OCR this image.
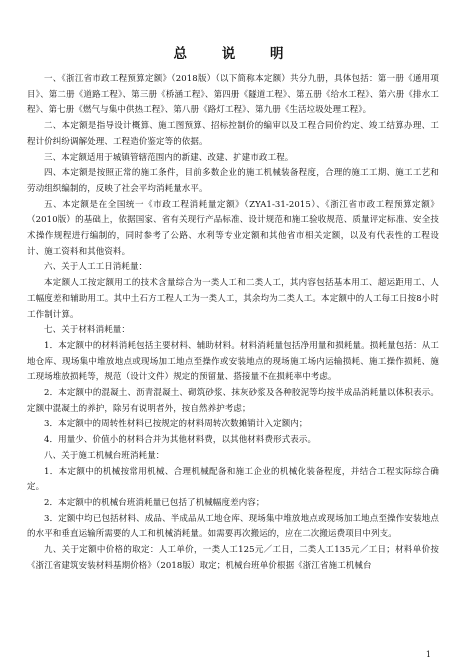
总 说 明

一、《浙江省市政工程预算定额》（2018版）（以下简称本定额）共分九册，具体包括：第一册《通用项目》、第二册《道路工程》、第三册《桥涵工程》、第四册《隧道工程》、第五册《给水工程》、第六册《排水工程》、第七册《燃气与集中供热工程》、第八册《路灯工程》、第九册《生活垃圾处理工程》。

二、本定额是指导设计概算、施工图预算、招标控制价的编审以及工程合同价约定、竣工结算办理、工程计价纠纷调解处理、工程造价鉴定等的依据。

三、本定额适用于城镇管辖范围内的新建、改建、扩建市政工程。

四、本定额是按照正常的施工条件，目前多数企业的施工机械装备程度，合理的施工工期、施工工艺和劳动组织编制的，反映了社会平均消耗量水平。

五、本定额是在全国统一《市政工程消耗量定额》（ZYA1-31-2015）、《浙江省市政工程预算定额》（2010版）的基础上，依据国家、省有关现行产品标准、设计规范和施工验收规范、质量评定标准、安全技术操作规程进行编制的，同时参考了公路、水利等专业定额和其他省市相关定额，以及有代表性的工程设计、施工资料和其他资料。

六、关于人工工日消耗量：

本定额人工按定额用工的技术含量综合为一类人工和二类人工，其内容包括基本用工、超运距用工、人工幅度差和辅助用工。其中土石方工程人工为一类人工，其余均为二类人工。本定额中的人工每工日按8小时工作制计算。

七、关于材料消耗量：

1．本定额中的材料消耗包括主要材料、辅助材料。材料消耗量包括净用量和损耗量。损耗量包括：从工地仓库、现场集中堆放地点或现场加工地点至操作或安装地点的现场施工场内运输损耗、施工操作损耗、施工现场堆放损耗等，规范（设计文件）规定的预留量、搭接量不在损耗率中考虑。

2．本定额中的混凝土、沥青混凝土、砌筑砂浆、抹灰砂浆及各种胶泥等均按半成品消耗量以体积表示。定额中混凝土的养护，除另有说明者外，按自然养护考虑；

3．本定额中的周转性材料已按规定的材料周转次数摊销计入定额内；

4．用量少、价值小的材料合并为其他材料费，以其他材料费形式表示。

八、关于施工机械台班消耗量：

1．本定额中的机械按常用机械、合理机械配备和施工企业的机械化装备程度，并结合工程实际综合确定。

2．本定额中的机械台班消耗量已包括了机械幅度差内容；

3．定额中均已包括材料、成品、半成品从工地仓库、现场集中堆放地点或现场加工地点至操作安装地点的水平和垂直运输所需要的人工和机械消耗量。如需要再次搬运的，应在二次搬运费项目中列支。

九、关于定额中价格的取定：人工单价，一类人工125元／工日，二类人工135元／工日；材料单价按《浙江省建筑安装材料基期价格》（2018版）取定；机械台班单价根据《浙江省施工机械台

1
